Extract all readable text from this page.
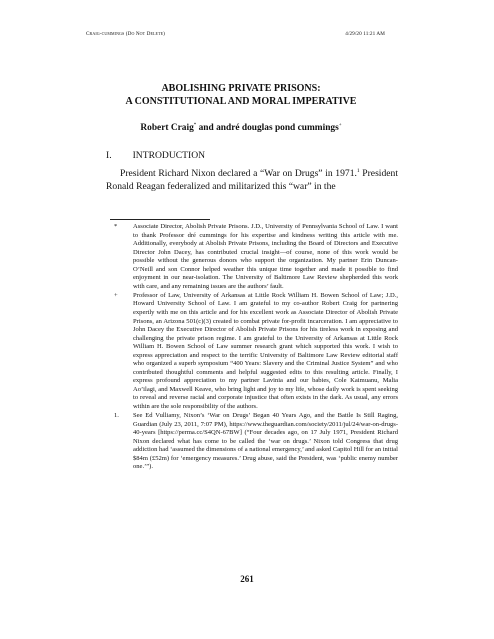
Craig-cummings (Do Not Delete)	4/29/20 11:21 AM
ABOLISHING PRIVATE PRISONS:
A CONSTITUTIONAL AND MORAL IMPERATIVE
Robert Craig* and andré douglas pond cummings+
I. INTRODUCTION
President Richard Nixon declared a “War on Drugs” in 1971.$^1$ President Ronald Reagan federalized and militarized this “war” in the
*	Associate Director, Abolish Private Prisons. J.D., University of Pennsylvania School of Law. I want to thank Professor dré cummings for his expertise and kindness writing this article with me. Additionally, everybody at Abolish Private Prisons, including the Board of Directors and Executive Director John Dacey, has contributed crucial insight—of course, none of this work would be possible without the generous donors who support the organization. My partner Erin Duncan-O’Neill and son Connor helped weather this unique time together and made it possible to find enjoyment in our near-isolation. The University of Baltimore Law Review shepherded this work with care, and any remaining issues are the authors’ fault.
+	Professor of Law, University of Arkansas at Little Rock William H. Bowen School of Law; J.D., Howard University School of Law. I am grateful to my co-author Robert Craig for partnering expertly with me on this article and for his excellent work as Associate Director of Abolish Private Prisons, an Arizona 501(c)(3) created to combat private for-profit incarceration. I am appreciative to John Dacey the Executive Director of Abolish Private Prisons for his tireless work in exposing and challenging the private prison regime. I am grateful to the University of Arkansas at Little Rock William H. Bowen School of Law summer research grant which supported this work. I wish to express appreciation and respect to the terrific University of Baltimore Law Review editorial staff who organized a superb symposium “400 Years: Slavery and the Criminal Justice System” and who contributed thoughtful comments and helpful suggested edits to this resulting article. Finally, I express profound appreciation to my partner Lavinia and our babies, Cole Kaimuanu, Malia Ao’ilagi, and Maxwell Keave, who bring light and joy to my life, whose daily work is spent seeking to reveal and reverse racial and corporate injustice that often exists in the dark. As usual, any errors within are the sole responsibility of the authors.
1.	See Ed Vulliamy, Nixon’s ‘War on Drugs’ Began 40 Years Ago, and the Battle Is Still Raging, Guardian (July 23, 2011, 7:07 PM), https://www.theguardian.com/society/2011/jul/24/war-on-drugs-40-years [https://perma.cc/S4QN-67BW] (“Four decades ago, on 17 July 1971, President Richard Nixon declared what has come to be called the ‘war on drugs.’ Nixon told Congress that drug addiction had ‘assumed the dimensions of a national emergency,’ and asked Capitol Hill for an initial $84m (£52m) for ‘emergency measures.’ Drug abuse, said the President, was ‘public enemy number one.’”).
261
